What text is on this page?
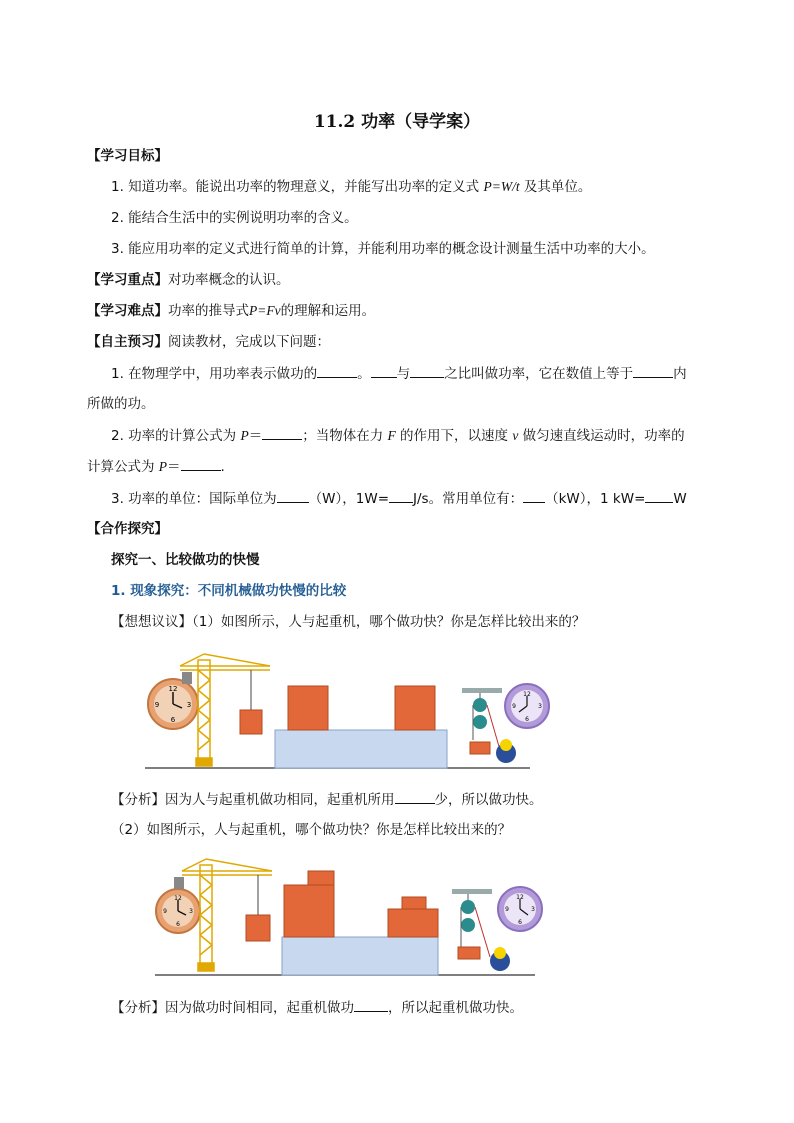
11.2 功率（导学案）
【学习目标】
1. 知道功率。能说出功率的物理意义，并能写出功率的定义式 P=W/t 及其单位。
2. 能结合生活中的实例说明功率的含义。
3. 能应用功率的定义式进行简单的计算，并能利用功率的概念设计测量生活中功率的大小。
【学习重点】对功率概念的认识。
【学习难点】功率的推导式P=Fv的理解和运用。
【自主预习】阅读教材，完成以下问题：
1. 在物理学中，用功率表示做功的	。 与	之比叫做功率，它在数值上等于	内
所做的功。
2. 功率的计算公式为 P＝	；当物体在力 F 的作用下，以速度 v 做匀速直线运动时，功率的
计算公式为 P＝	.
3. 功率的单位：国际单位为 （W），1W= J/s。常用单位有： （kW），1 kW= W
【合作探究】
探究一、比较做功的快慢
1. 现象探究：不同机械做功快慢的比较
【想想议议】（1）如图所示，人与起重机，哪个做功快？你是怎样比较出来的？
12
3
6
9
12
3
6
9
【分析】因为人与起重机做功相同，起重机所用	少，所以做功快。
（2）如图所示，人与起重机，哪个做功快？你是怎样比较出来的？
12
3
6
9
12
3
6
9
【分析】因为做功时间相同，起重机做功	，所以起重机做功快。
